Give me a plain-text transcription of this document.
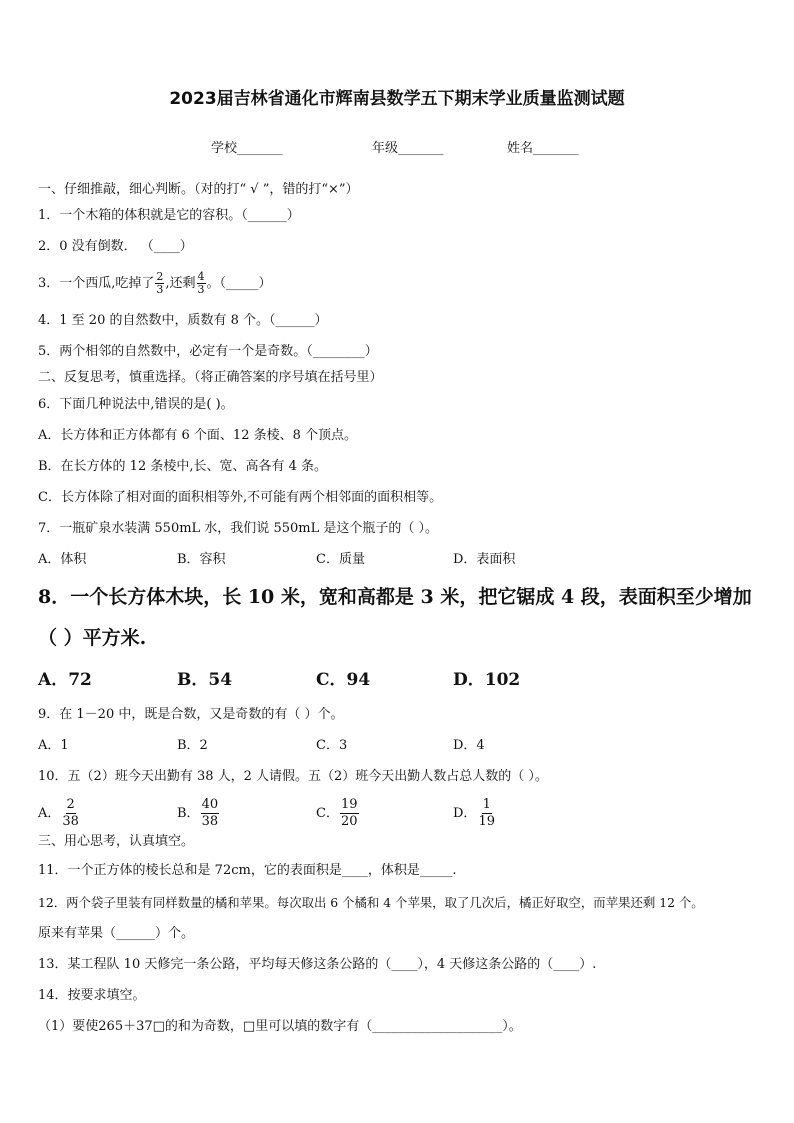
2023届吉林省通化市辉南县数学五下期末学业质量监测试题
学校_______	年级_______	姓名_______
一、仔细推敲，细心判断。（对的打“ √ ”，错的打“×”）
1．一个木箱的体积就是它的容积。（______）
2．0 没有倒数． （____）
3．一个西瓜,吃掉了 $\frac{2}{3}$ ,还剩 $\frac{4}{3}$ 。（_____）
4．1 至 20 的自然数中，质数有 8 个。（______）
5．两个相邻的自然数中，必定有一个是奇数。（________）
二、反复思考，慎重选择。（将正确答案的序号填在括号里）
6．下面几种说法中,错误的是( )。
A．长方体和正方体都有 6 个面、12 条棱、8 个顶点。
B．在长方体的 12 条棱中,长、宽、高各有 4 条。
C．长方体除了相对面的面积相等外,不可能有两个相邻面的面积相等。
7．一瓶矿泉水装满 550mL 水，我们说 550mL 是这个瓶子的（ ）。
A．体积	B．容积	C．质量	D．表面积
8．一个长方体木块，长 10 米，宽和高都是 3 米，把它锯成 4 段，表面积至少增加
（ ）平方米.
A．72	B．54	C．94	D．102
9．在 1－20 中，既是合数，又是奇数的有（ ）个。
A．1	B．2	C．3	D．4
10．五（2）班今天出勤有 38 人，2 人请假。五（2）班今天出勤人数占总人数的（ ）。
A． $\frac{2}{38}$	B． $\frac{40}{38}$	C． $\frac{19}{20}$	D． $\frac{1}{19}$
三、用心思考，认真填空。
11．一个正方体的棱长总和是 72cm，它的表面积是____，体积是_____.
12．两个袋子里装有同样数量的橘和苹果。每次取出 6 个橘和 4 个苹果，取了几次后，橘正好取空，而苹果还剩 12 个。
原来有苹果（______）个。
13．某工程队 10 天修完一条公路，平均每天修这条公路的（____），4 天修这条公路的（____）.
14．按要求填空。
（1）要使265＋37□的和为奇数，□里可以填的数字有（____________________）。
